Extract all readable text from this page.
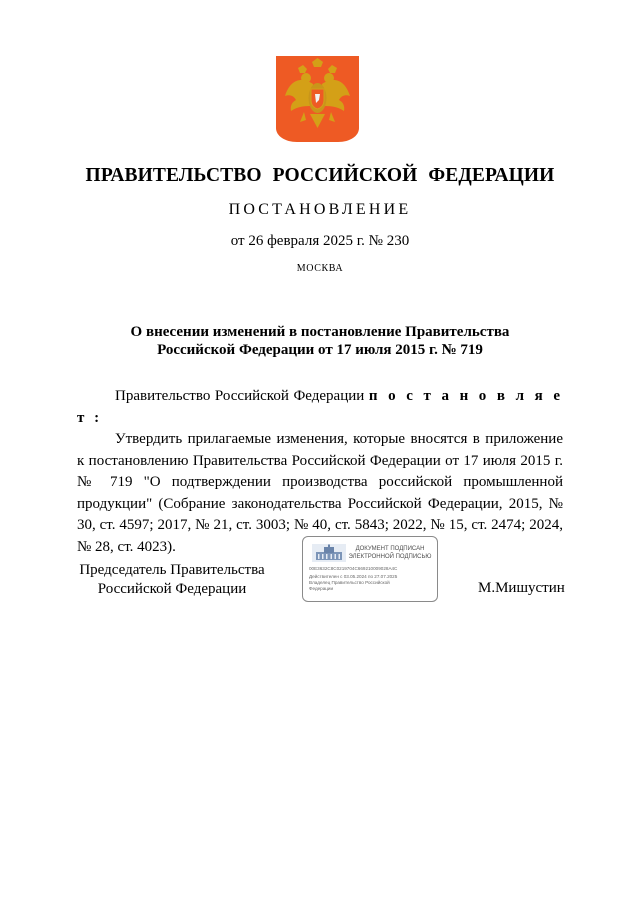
ПРАВИТЕЛЬСТВО РОССИЙСКОЙ ФЕДЕРАЦИИ
ПОСТАНОВЛЕНИЕ
от 26 февраля 2025 г. № 230
МОСКВА
О внесении изменений в постановление Правительства
Российской Федерации от 17 июля 2015 г. № 719

Правительство Российской Федерации п о с т а н о в л я е т :

Утвердить прилагаемые изменения, которые вносятся в приложение к постановлению Правительства Российской Федерации от 17 июля 2015 г. № 719 "О подтверждении производства российской промышленной продукции" (Собрание законодательства Российской Федерации, 2015, № 30, ст. 4597; 2017, № 21, ст. 3003; № 40, ст. 5843; 2022, № 15, ст. 2474; 2024, № 28, ст. 4023).

Председатель Правительства
Российской Федерации
ДОКУМЕНТ ПОДПИСАН
ЭЛЕКТРОННОЙ ПОДПИСЬЮ
00E3632C8C0219704C669210009028A4C
Действителен с 03.05.2024 по 27.07.2025
Владелец Правительство Российской
Федерации	М.Мишустин
